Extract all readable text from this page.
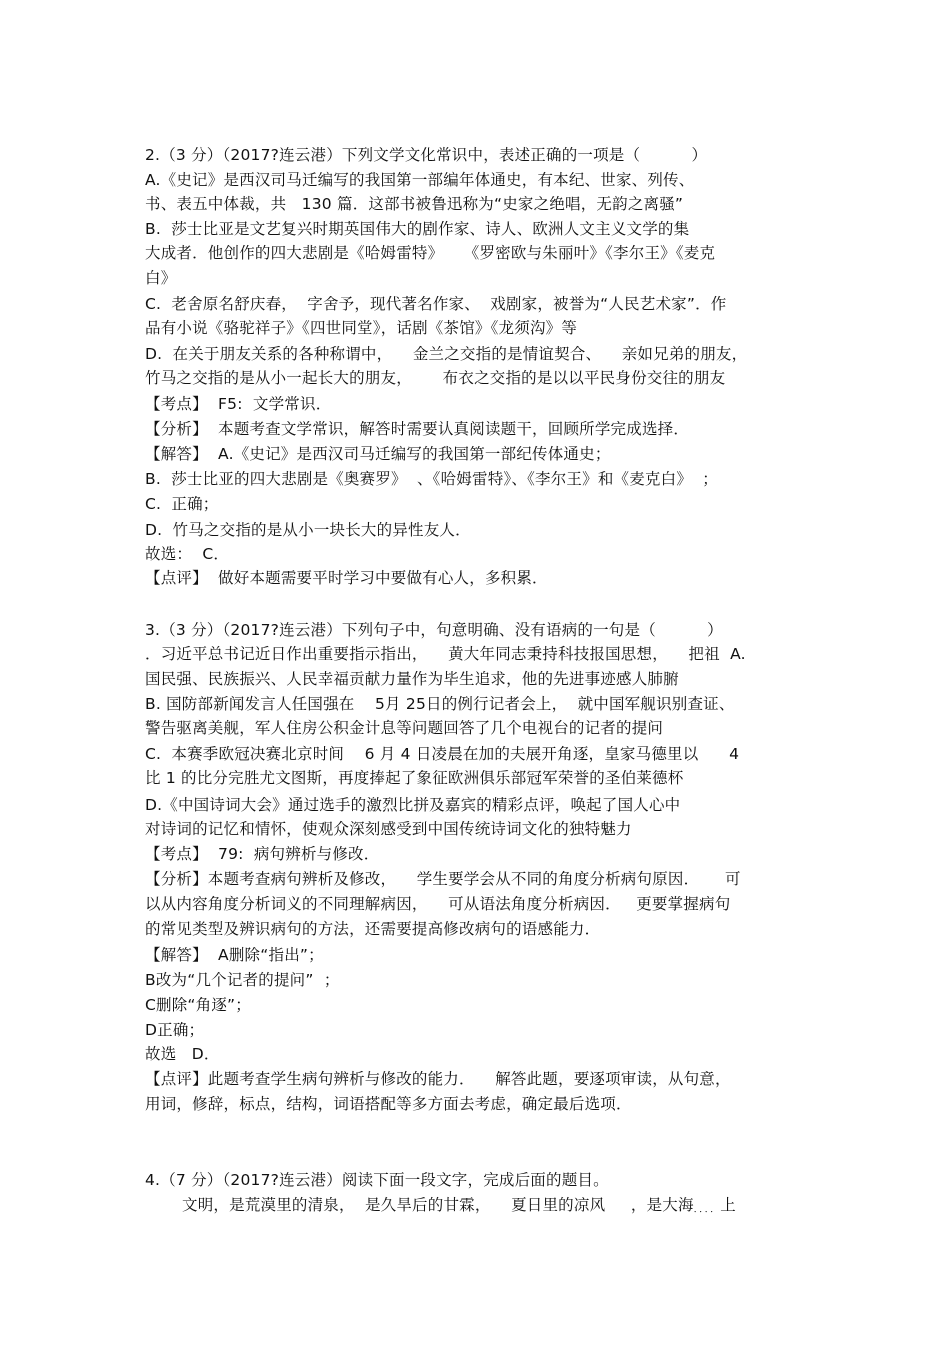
2.（3 分）（2017?连云港）下列文学文化常识中，表述正确的一项是（          ）
A.《史记》是西汉司马迁编写的我国第一部编年体通史，有本纪、世家、列传、
书、表五中体裁，共   130 篇．这部书被鲁迅称为“史家之绝唱，无韵之离骚”
B.  莎士比亚是文艺复兴时期英国伟大的剧作家、诗人、欧洲人文主义文学的集
大成者．他创作的四大悲剧是《哈姆雷特》    《罗密欧与朱丽叶》《李尔王》《麦克
白》
C.  老舍原名舒庆春，  字舍予，现代著名作家、  戏剧家，被誉为“人民艺术家”．作
品有小说《骆驼祥子》《四世同堂》，话剧《茶馆》《龙须沟》等
D.  在关于朋友关系的各种称谓中，    金兰之交指的是情谊契合、    亲如兄弟的朋友，
竹马之交指的是从小一起长大的朋友，      布衣之交指的是以以平民身份交往的朋友
【考点】  F5:  文学常识．
【分析】  本题考查文学常识，解答时需要认真阅读题干，回顾所学完成选择．
【解答】  A.《史记》是西汉司马迁编写的我国第一部纪传体通史；
B.  莎士比亚的四大悲剧是《奥赛罗》  、《哈姆雷特》、《李尔王》和《麦克白》  ；
C.  正确；
D.  竹马之交指的是从小一块长大的异性友人．
故选：  C．
【点评】  做好本题需要平时学习中要做有心人，多积累．
3.（3 分）（2017?连云港）下列句子中，句意明确、没有语病的一句是（          ）
．习近平总书记近日作出重要指示指出，    黄大年同志秉持科技报国思想，    把祖  A.
国民强、民族振兴、人民幸福贡献力量作为毕生追求，他的先进事迹感人肺腑
B. 国防部新闻发言人任国强在    5月 25日的例行记者会上，  就中国军舰识别查证、
警告驱离美舰，军人住房公积金计息等问题回答了几个电视台的记者的提问
C.  本赛季欧冠决赛北京时间    6 月 4 日凌晨在加的夫展开角逐，皇家马德里以      4
比 1 的比分完胜尤文图斯，再度捧起了象征欧洲俱乐部冠军荣誉的圣伯莱德杯
D.《中国诗词大会》通过选手的激烈比拼及嘉宾的精彩点评，唤起了国人心中
对诗词的记忆和情怀，使观众深刻感受到中国传统诗词文化的独特魅力
【考点】  79:  病句辨析与修改．
【分析】本题考查病句辨析及修改，    学生要学会从不同的角度分析病句原因．     可
以从内容角度分析词义的不同理解病因，    可从语法角度分析病因．   更要掌握病句
的常见类型及辨识病句的方法，还需要提高修改病句的语感能力．
【解答】  A删除“指出”；
B改为“几个记者的提问”  ；
C删除“角逐”；
D正确；
故选   D．
【点评】此题考查学生病句辨析与修改的能力．    解答此题，要逐项审读，从句意，
用词，修辞，标点，结构，词语搭配等多方面去考虑，确定最后选项．
4.（7 分）（2017?连云港）阅读下面一段文字，完成后面的题目。
文明，是荒漠里的清泉，  是久旱后的甘霖，    夏日里的凉风     ，是大海．．．．上
